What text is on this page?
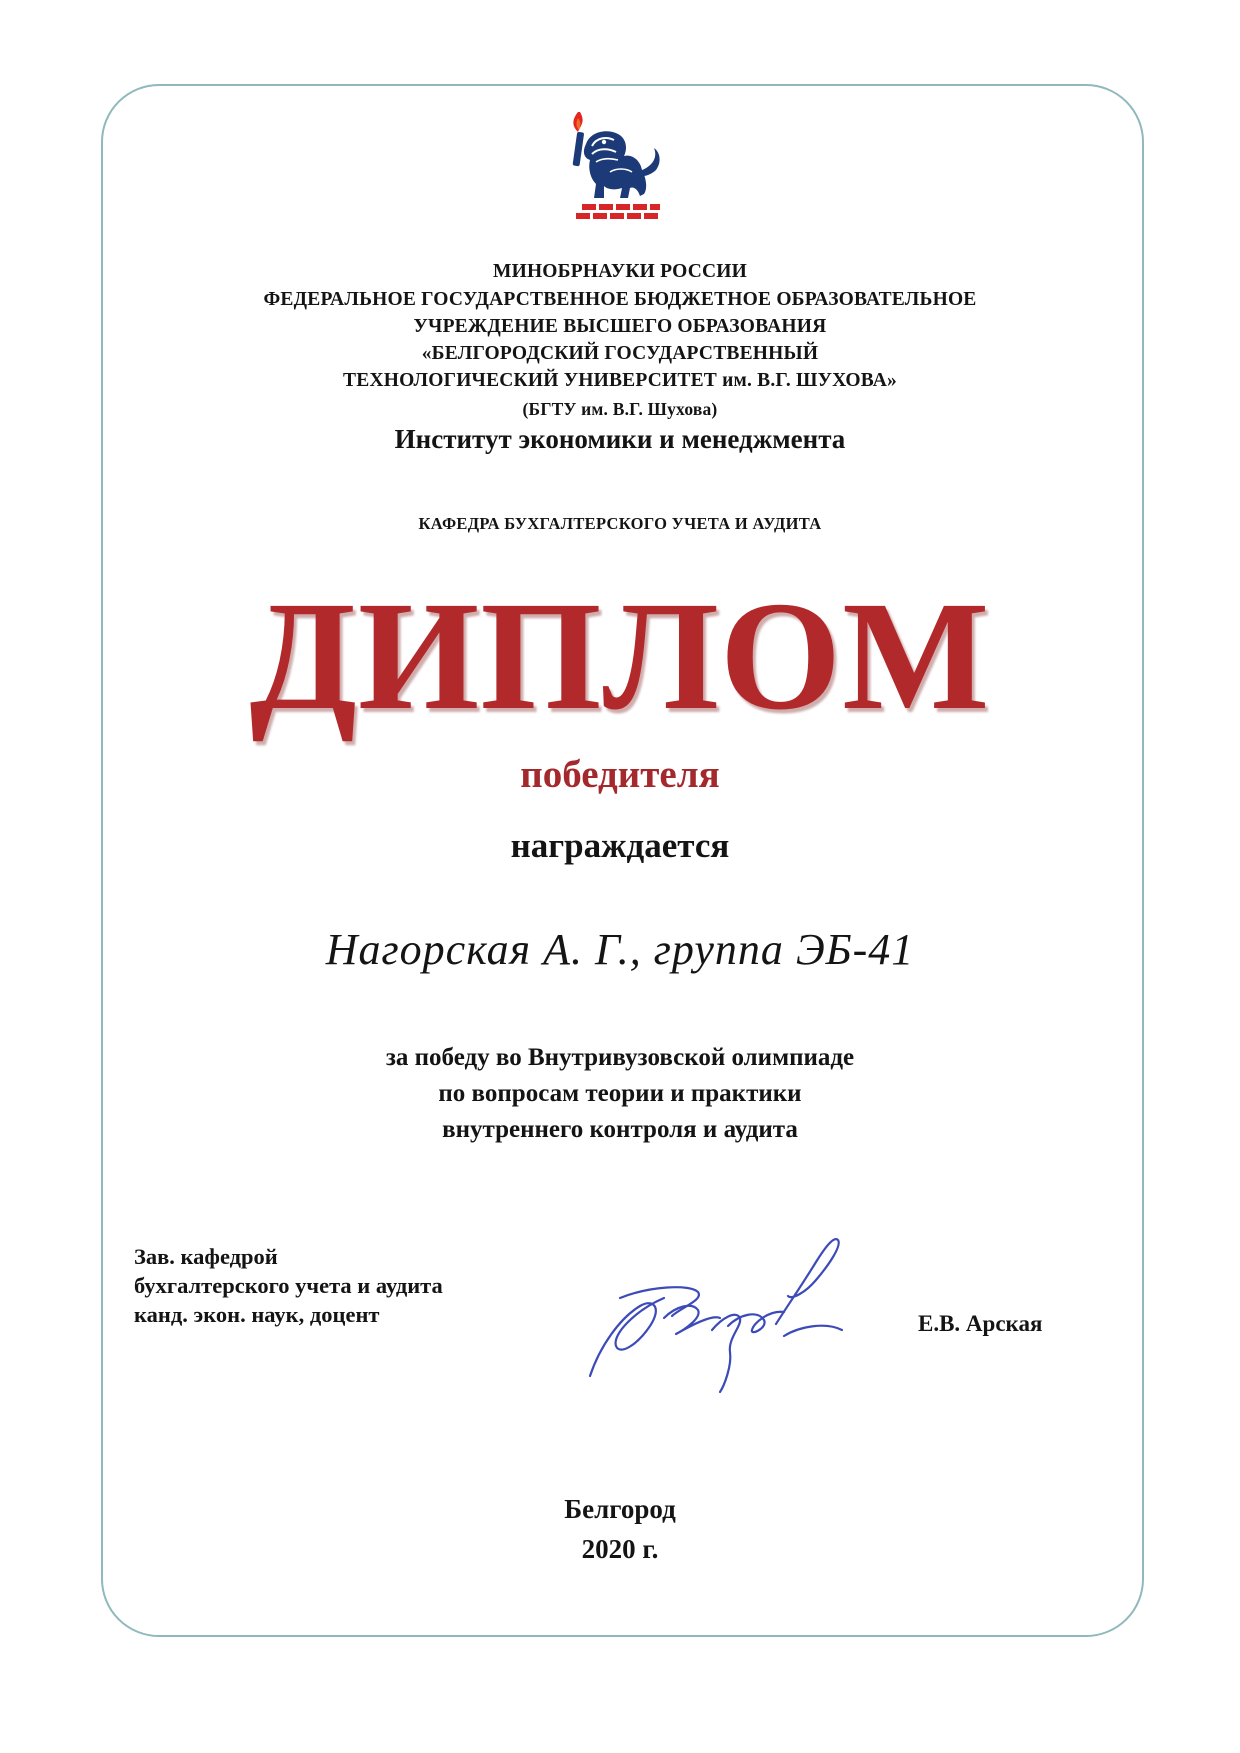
МИНОБРНАУКИ РОССИИ
ФЕДЕРАЛЬНОЕ ГОСУДАРСТВЕННОЕ БЮДЖЕТНОЕ ОБРАЗОВАТЕЛЬНОЕ
УЧРЕЖДЕНИЕ ВЫСШЕГО ОБРАЗОВАНИЯ
«БЕЛГОРОДСКИЙ ГОСУДАРСТВЕННЫЙ
ТЕХНОЛОГИЧЕСКИЙ УНИВЕРСИТЕТ им. В.Г. ШУХОВА»
(БГТУ им. В.Г. Шухова)
Институт экономики и менеджмента
КАФЕДРА БУХГАЛТЕРСКОГО УЧЕТА И АУДИТА
ДИПЛОМ
победителя
награждается
Нагорская А. Г., группа ЭБ-41
за победу во Внутривузовской олимпиаде
по вопросам теории и практики
внутреннего контроля и аудита
Зав. кафедрой
бухгалтерского учета и аудита
канд. экон. наук, доцент	Е.В. Арская
Белгород
2020 г.
